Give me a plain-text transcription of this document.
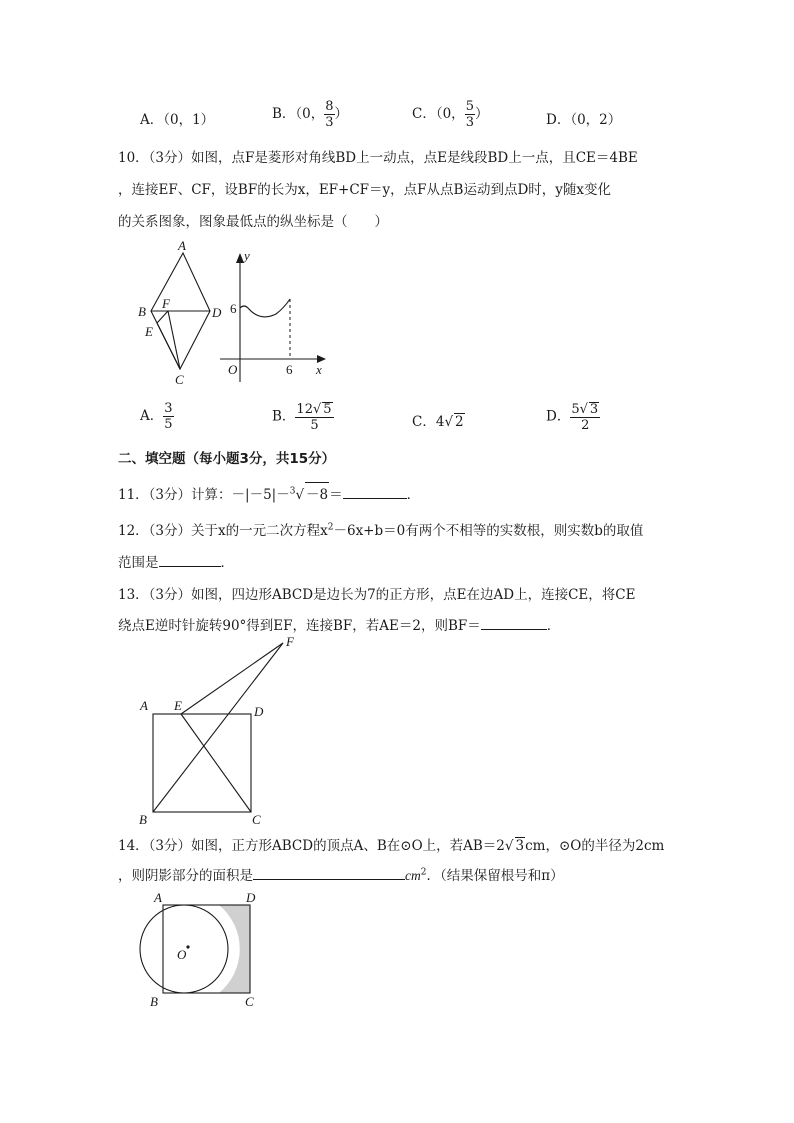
A．（0，1）	B．（0， $\frac{8}{3}$ ）	C．（0， $\frac{5}{3}$ ）	D．（0，2）
10．（3分）如图，点F是菱形对角线BD上一动点，点E是线段BD上一点，且CE＝4BE
，连接EF、CF，设BF的长为x，EF+CF＝y，点F从点B运动到点D时，y随x变化
的关系图象，图象最低点的纵坐标是（　　）
A
B	D
F
E
C
y
x
O
6
6
A． $\frac{3}{5}$	B． $\frac{12√ 5}{5}$	C．4√ 2	D． $\frac{5√ 3}{2}$
二、填空题（每小题3分，共15分）
11．（3分）计算：－|－5|－$^3$√ －8＝	．
12．（3分）关于x的一元二次方程$x^2-6x+b=0$有两个不相等的实数根，则实数b的取值
范围是	．
13．（3分）如图，四边形ABCD是边长为7的正方形，点E在边AD上，连接CE，将CE
绕点E逆时针旋转90°得到EF，连接BF，若AE＝2，则BF＝	．
F
A E	D
B	C
14．（3分）如图，正方形ABCD的顶点A、B在⊙O上，若AB＝2√ 3cm，⊙O的半径为2cm
，则阴影部分的面积是	$cm^2$．（结果保留根号和π）
A	D
B	C
O
